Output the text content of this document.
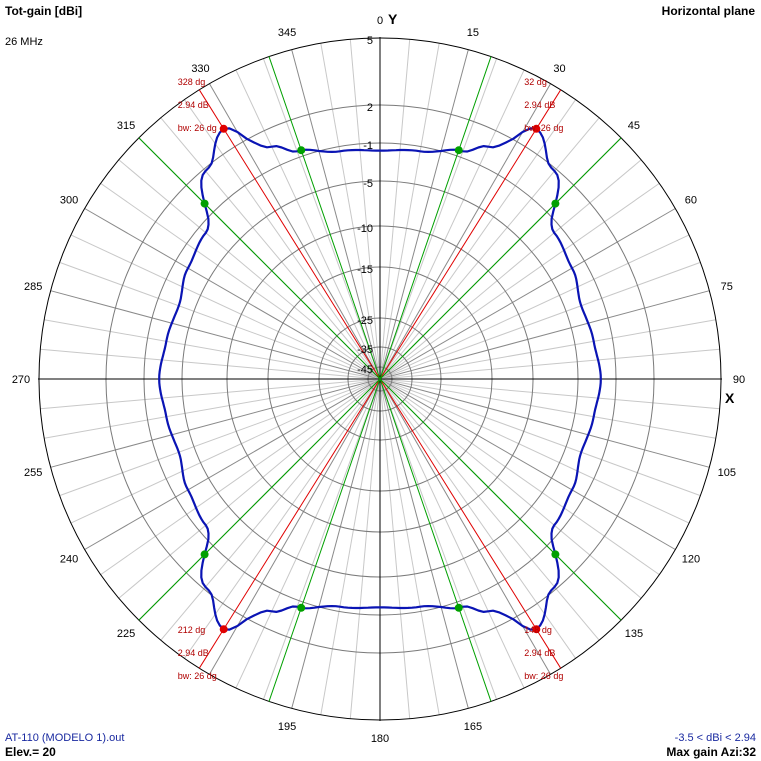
5
2
-1
-5
-10
-15
-25
-35
-45
0
15
30
45
60
75
90
105
120
135
165
180
195
225
240
255
270
285
300
315
330
345
32 dg
2.94 dB
bw: 26 dg
148 dg
2.94 dB
bw: 26 dg
212 dg
2.94 dB
bw: 26 dg
328 dg
2.94 dB
bw: 26 dg
Tot-gain [dBi]	Horizontal plane
26 MHz
Y
X
AT-110 (MODELO 1).out
Elev.= 20
-3.5 < dBi < 2.94
Max gain Azi:32
